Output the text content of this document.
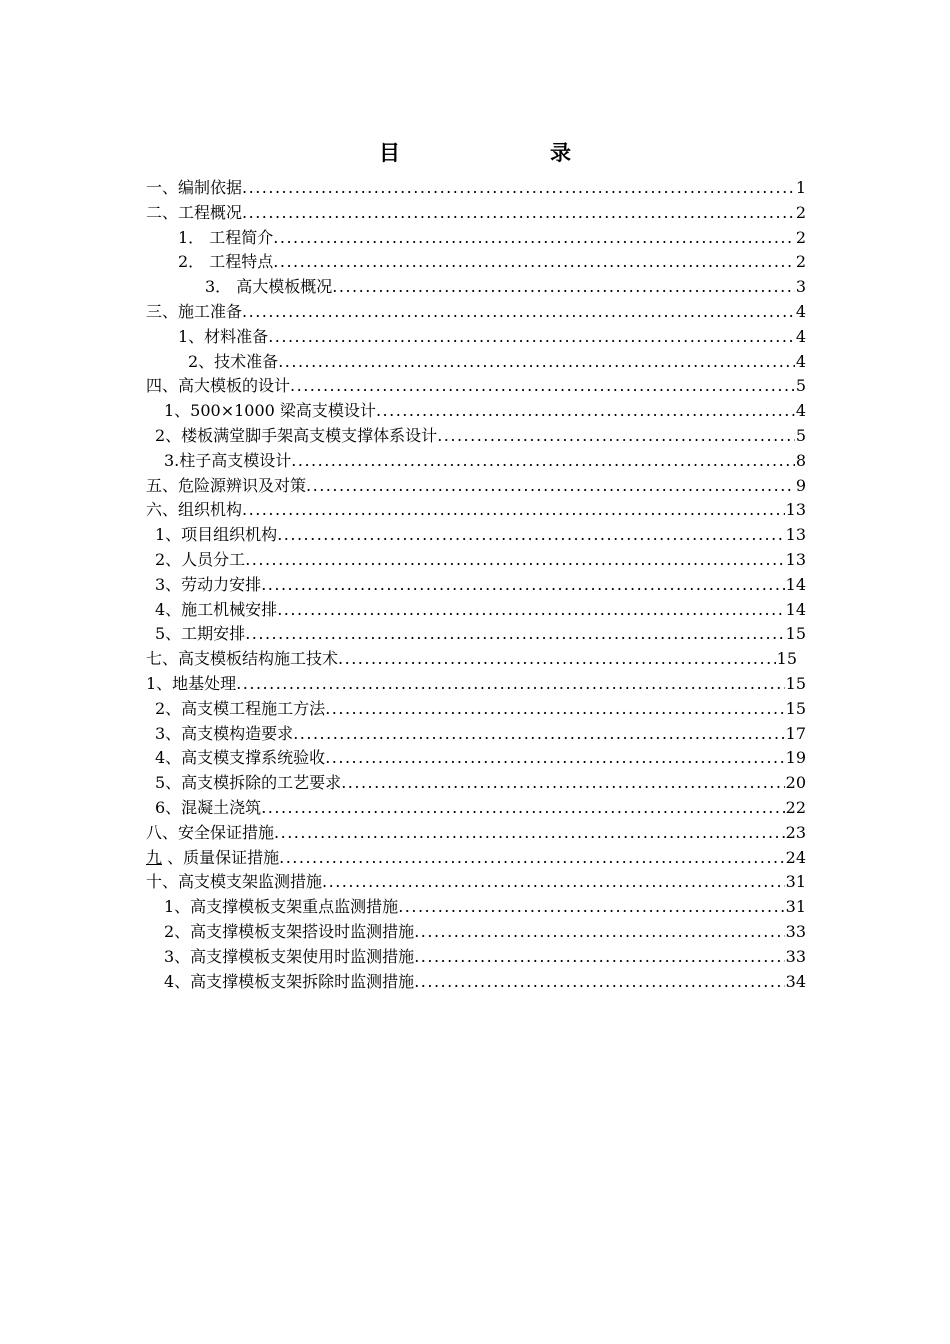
目	录
一、编制依据 .....	1
二、工程概况 .....	2
1． 工程简介 .....	2
2． 工程特点 .....	2
3． 高大模板概况 .....	3
三、施工准备 .....	4
1、材料准备 .....	4
2、技术准备 .....	4
四、高大模板的设计 .....	5
1、500×1000 梁高支模设计 .....	4
2、楼板满堂脚手架高支模支撑体系设计 .....	5
3.柱子高支模设计 .....	8
五、危险源辨识及对策 .....	9
六、组织机构 .....	13
1、项目组织机构 .....	13
2、人员分工 .....	13
3、劳动力安排 .....	14
4、施工机械安排 .....	14
5、工期安排 .....	15
七、高支模板结构施工技术 .....	15
1、地基处理 .....	15
2、高支模工程施工方法 .....	15
3、高支模构造要求 .....	17
4、高支模支撑系统验收 .....	19
5、高支模拆除的工艺要求 .....	20
6、混凝土浇筑 .....	22
八、安全保证措施 .....	23
九 、质量保证措施 .....	24
十、高支模支架监测措施 .....	31
1、高支撑模板支架重点监测措施 .....	31
2、高支撑模板支架搭设时监测措施 .....	33
3、高支撑模板支架使用时监测措施 .....	33
4、高支撑模板支架拆除时监测措施 .....	34
